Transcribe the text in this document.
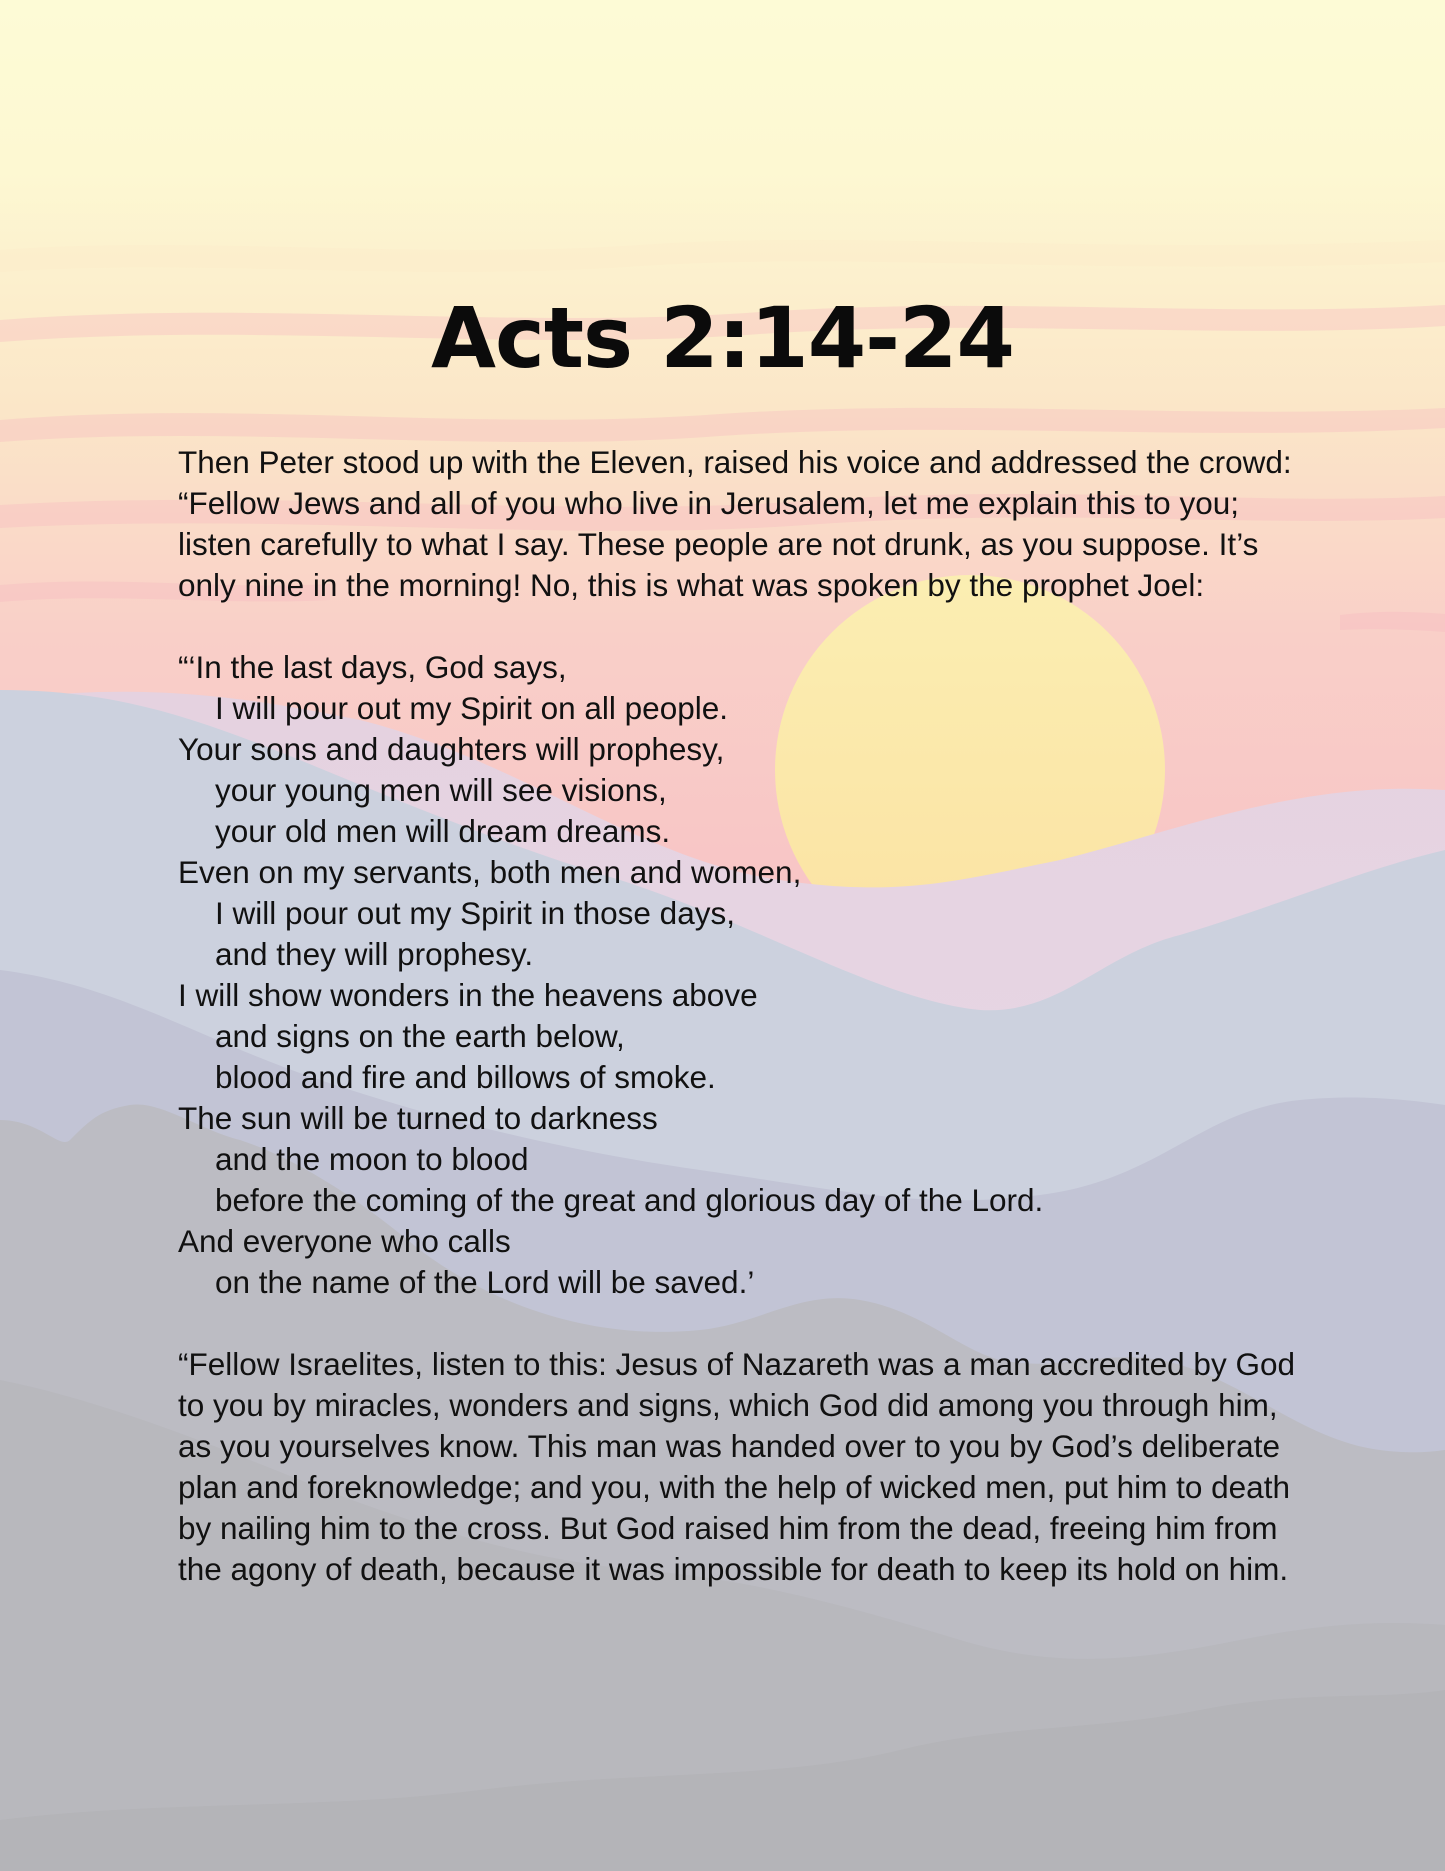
Acts 2:14-24

Then Peter stood up with the Eleven, raised his voice and addressed the crowd: “Fellow Jews and all of you who live in Jerusalem, let me explain this to you; listen carefully to what I say. These people are not drunk, as you suppose. It’s only nine in the morning! No, this is what was spoken by the prophet Joel:

“‘In the last days, God says,
I will pour out my Spirit on all people.
Your sons and daughters will prophesy,
your young men will see visions,
your old men will dream dreams.
Even on my servants, both men and women,
I will pour out my Spirit in those days,
and they will prophesy.
I will show wonders in the heavens above
and signs on the earth below,
blood and fire and billows of smoke.
The sun will be turned to darkness
and the moon to blood
before the coming of the great and glorious day of the Lord.
And everyone who calls
on the name of the Lord will be saved.’

“Fellow Israelites, listen to this: Jesus of Nazareth was a man accredited by God to you by miracles, wonders and signs, which God did among you through him, as you yourselves know. This man was handed over to you by God’s deliberate plan and foreknowledge; and you, with the help of wicked men, put him to death by nailing him to the cross. But God raised him from the dead, freeing him from the agony of death, because it was impossible for death to keep its hold on him.
